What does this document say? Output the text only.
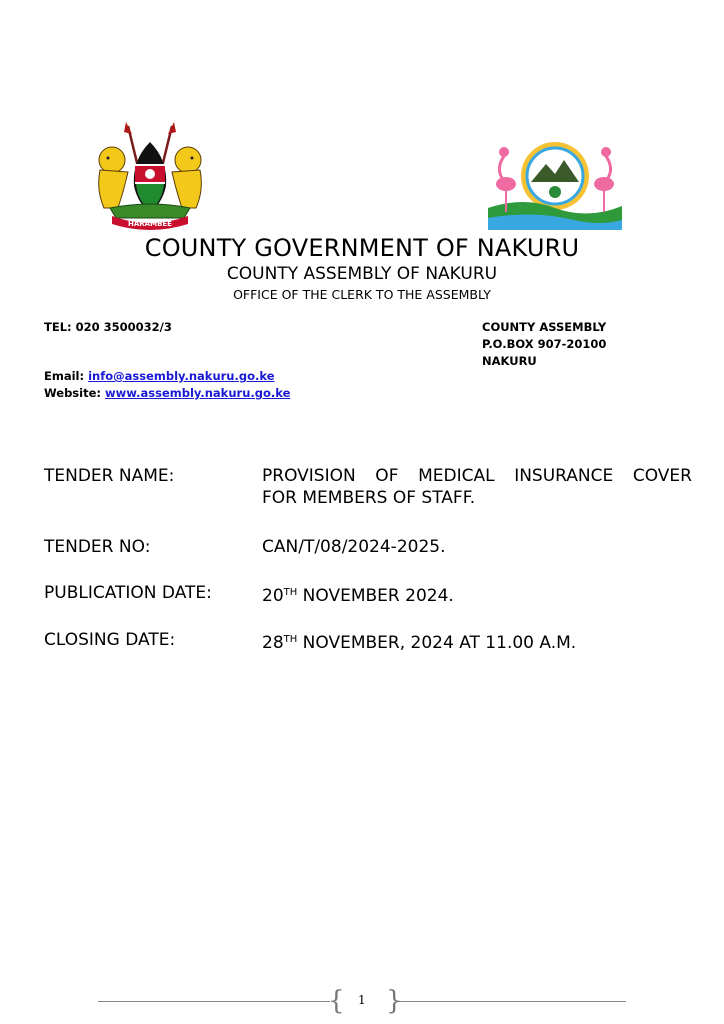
HARAMBEE
COUNTY GOVERNMENT OF NAKURU
COUNTY ASSEMBLY OF NAKURU
OFFICE OF THE CLERK TO THE ASSEMBLY
TEL: 020 3500032/3	COUNTY ASSEMBLY
P.O.BOX 907-20100
NAKURU
Email: info@assembly.nakuru.go.ke
Website: www.assembly.nakuru.go.ke
TENDER NAME:	PROVISION OF MEDICAL INSURANCE COVER
FOR MEMBERS OF STAFF.
TENDER NO:	CAN/T/08/2024-2025.
PUBLICATION DATE:	20TH NOVEMBER 2024.
CLOSING DATE:	28TH NOVEMBER, 2024 AT 11.00 A.M.
{ 1 }
